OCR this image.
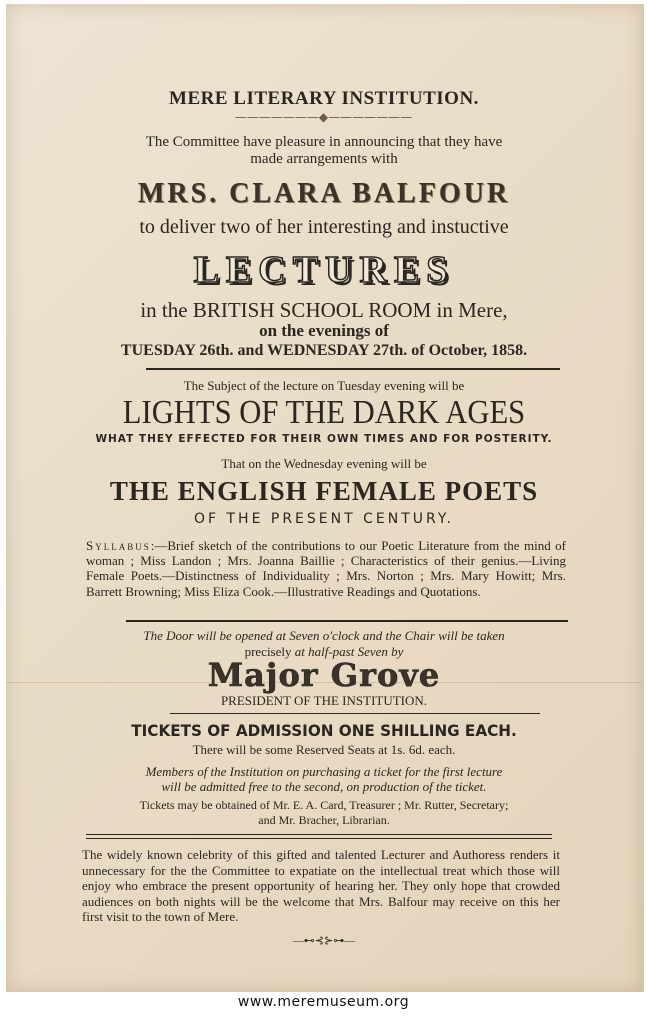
MERE LITERARY INSTITUTION.

———————◆———————

The Committee have pleasure in announcing that they have

made arrangements with

MRS. CLARA BALFOUR

to deliver two of her interesting and instuctive

LECTURES

in the BRITISH SCHOOL ROOM in Mere,

on the evenings of

TUESDAY 26th. and WEDNESDAY 27th. of October, 1858.

The Subject of the lecture on Tuesday evening will be

LIGHTS OF THE DARK AGES

WHAT THEY EFFECTED FOR THEIR OWN TIMES AND FOR POSTERITY.

That on the Wednesday evening will be

THE ENGLISH FEMALE POETS

OF THE PRESENT CENTURY.

Syllabus:—Brief sketch of the contributions to our Poetic Literature from the mind of woman ; Miss Landon ; Mrs. Joanna Baillie ; Characteristics of their genius.—Living Female Poets.—Distinctness of Individuality ; Mrs. Norton ; Mrs. Mary Howitt; Mrs. Barrett Browning; Miss Eliza Cook.—Illustrative Readings and Quotations.

The Door will be opened at Seven o'clock and the Chair will be taken

precisely at half-past Seven by

Major Grove

PRESIDENT OF THE INSTITUTION.

TICKETS OF ADMISSION ONE SHILLING EACH.

There will be some Reserved Seats at 1s. 6d. each.

Members of the Institution on purchasing a ticket for the first lecture

will be admitted free to the second, on production of the ticket.

Tickets may be obtained of Mr. E. A. Card, Treasurer ; Mr. Rutter, Secretary;

and Mr. Bracher, Librarian.

The widely known celebrity of this gifted and talented Lecturer and Authoress renders it unnecessary for the the Committee to expatiate on the intellectual treat which those will enjoy who embrace the present opportunity of hearing her. They only hope that crowded audiences on both nights will be the welcome that Mrs. Balfour may receive on this her first visit to the town of Mere.

—⊷⊰⊱⊶—

www.meremuseum.org
